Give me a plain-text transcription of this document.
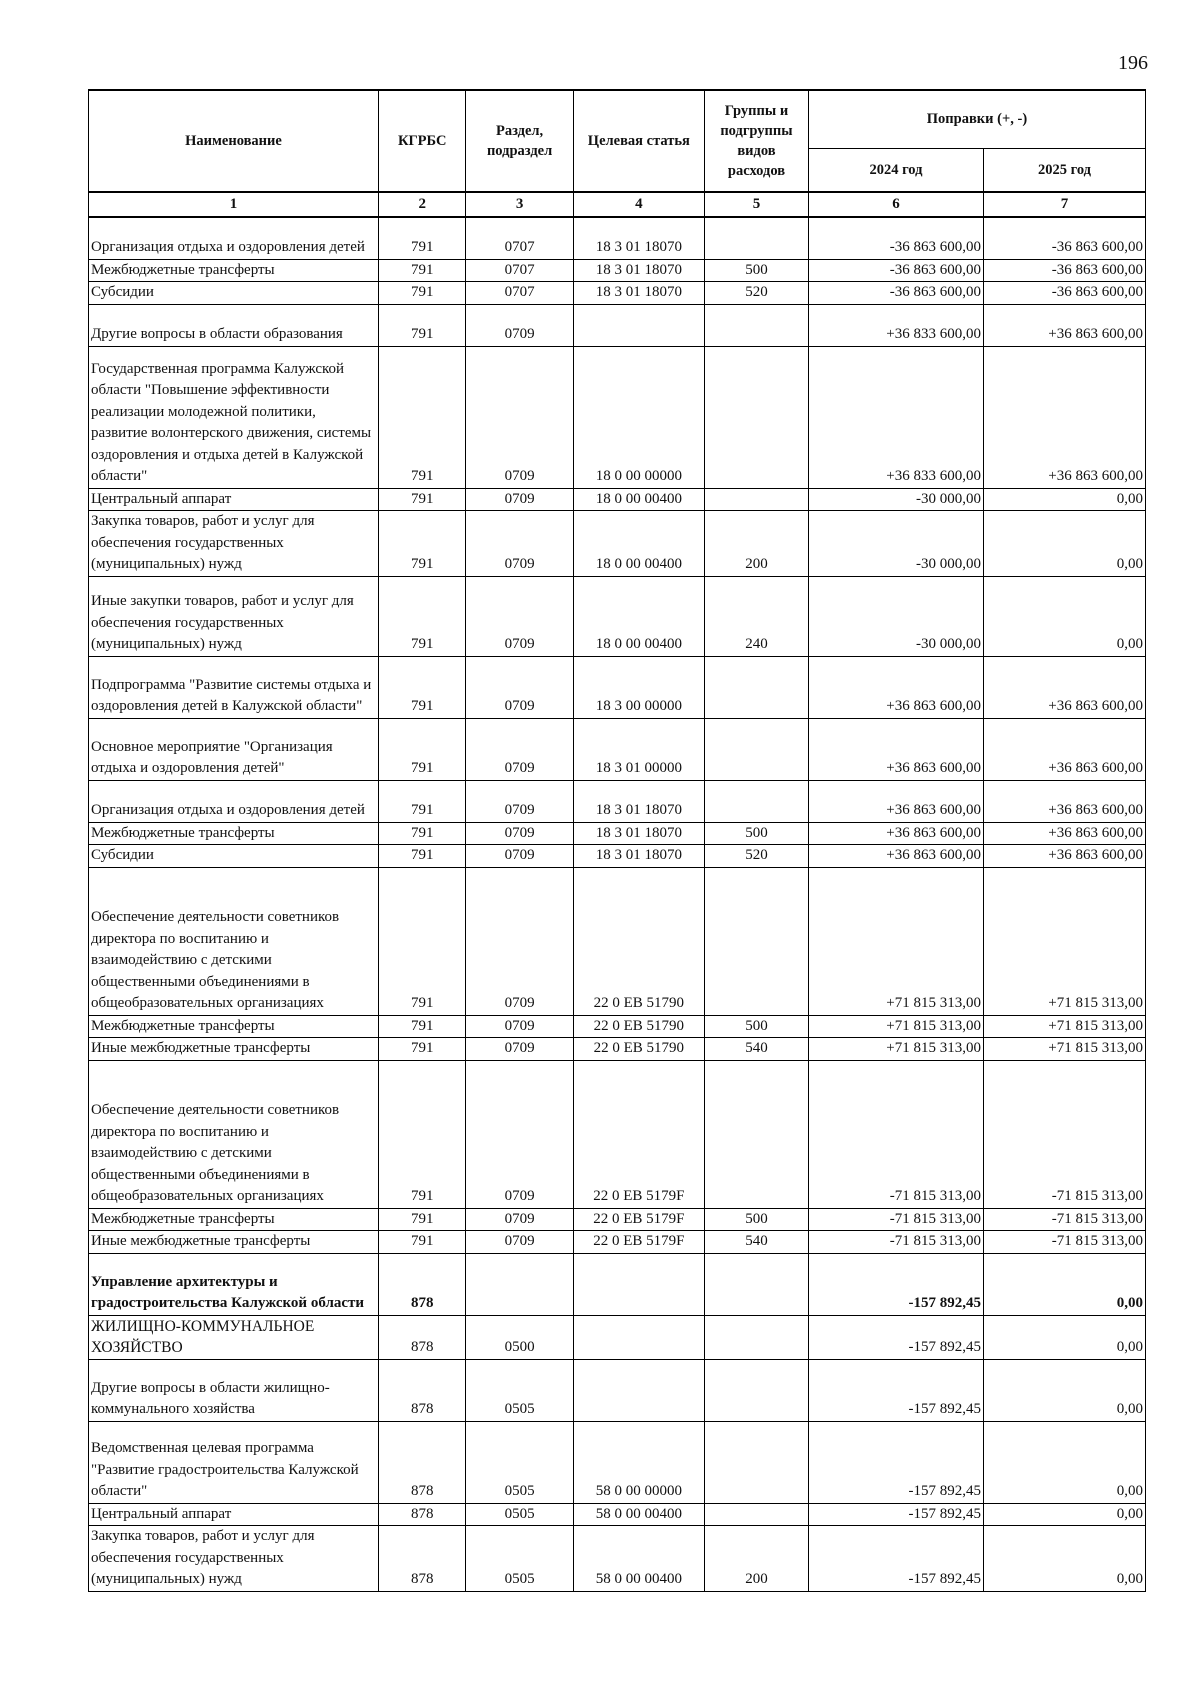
196
Наименование	КГРБС	Раздел, подраздел	Целевая статья	Группы и подгруппы видов расходов	Поправки (+, -)	
					2024 год	2025 год
1	2	3	4	5	6	7
Организация отдыха и оздоровления детей	791	0707	18 3 01 18070		-36 863 600,00	-36 863 600,00
Межбюджетные трансферты	791	0707	18 3 01 18070	500	-36 863 600,00	-36 863 600,00
Субсидии	791	0707	18 3 01 18070	520	-36 863 600,00	-36 863 600,00
Другие вопросы в области образования	791	0709			+36 833 600,00	+36 863 600,00
Государственная программа Калужской области "Повышение эффективности реализации молодежной политики, развитие волонтерского движения, системы оздоровления и отдыха детей в Калужской области"	791	0709	18 0 00 00000		+36 833 600,00	+36 863 600,00
Центральный аппарат	791	0709	18 0 00 00400		-30 000,00	0,00
Закупка товаров, работ и услуг для обеспечения государственных (муниципальных) нужд	791	0709	18 0 00 00400	200	-30 000,00	0,00
Иные закупки товаров, работ и услуг для обеспечения государственных (муниципальных) нужд	791	0709	18 0 00 00400	240	-30 000,00	0,00
Подпрограмма "Развитие системы отдыха и оздоровления детей в Калужской области"	791	0709	18 3 00 00000		+36 863 600,00	+36 863 600,00
Основное мероприятие "Организация отдыха и оздоровления детей"	791	0709	18 3 01 00000		+36 863 600,00	+36 863 600,00
Организация отдыха и оздоровления детей	791	0709	18 3 01 18070		+36 863 600,00	+36 863 600,00
Межбюджетные трансферты	791	0709	18 3 01 18070	500	+36 863 600,00	+36 863 600,00
Субсидии	791	0709	18 3 01 18070	520	+36 863 600,00	+36 863 600,00
Обеспечение деятельности советников директора по воспитанию и взаимодействию с детскими общественными объединениями в общеобразовательных организациях	791	0709	22 0 EB 51790		+71 815 313,00	+71 815 313,00
Межбюджетные трансферты	791	0709	22 0 EB 51790	500	+71 815 313,00	+71 815 313,00
Иные межбюджетные трансферты	791	0709	22 0 EB 51790	540	+71 815 313,00	+71 815 313,00
Обеспечение деятельности советников директора по воспитанию и взаимодействию с детскими общественными объединениями в общеобразовательных организациях	791	0709	22 0 EB 5179F		-71 815 313,00	-71 815 313,00
Межбюджетные трансферты	791	0709	22 0 EB 5179F	500	-71 815 313,00	-71 815 313,00
Иные межбюджетные трансферты	791	0709	22 0 EB 5179F	540	-71 815 313,00	-71 815 313,00
Управление архитектуры и градостроительства Калужской области	878				-157 892,45	0,00
ЖИЛИЩНО-КОММУНАЛЬНОЕ ХОЗЯЙСТВО	878	0500			-157 892,45	0,00
Другие вопросы в области жилищно-коммунального хозяйства	878	0505			-157 892,45	0,00
Ведомственная целевая программа "Развитие градостроительства Калужской области"	878	0505	58 0 00 00000		-157 892,45	0,00
Центральный аппарат	878	0505	58 0 00 00400		-157 892,45	0,00
Закупка товаров, работ и услуг для обеспечения государственных (муниципальных) нужд	878	0505	58 0 00 00400	200	-157 892,45	0,00
